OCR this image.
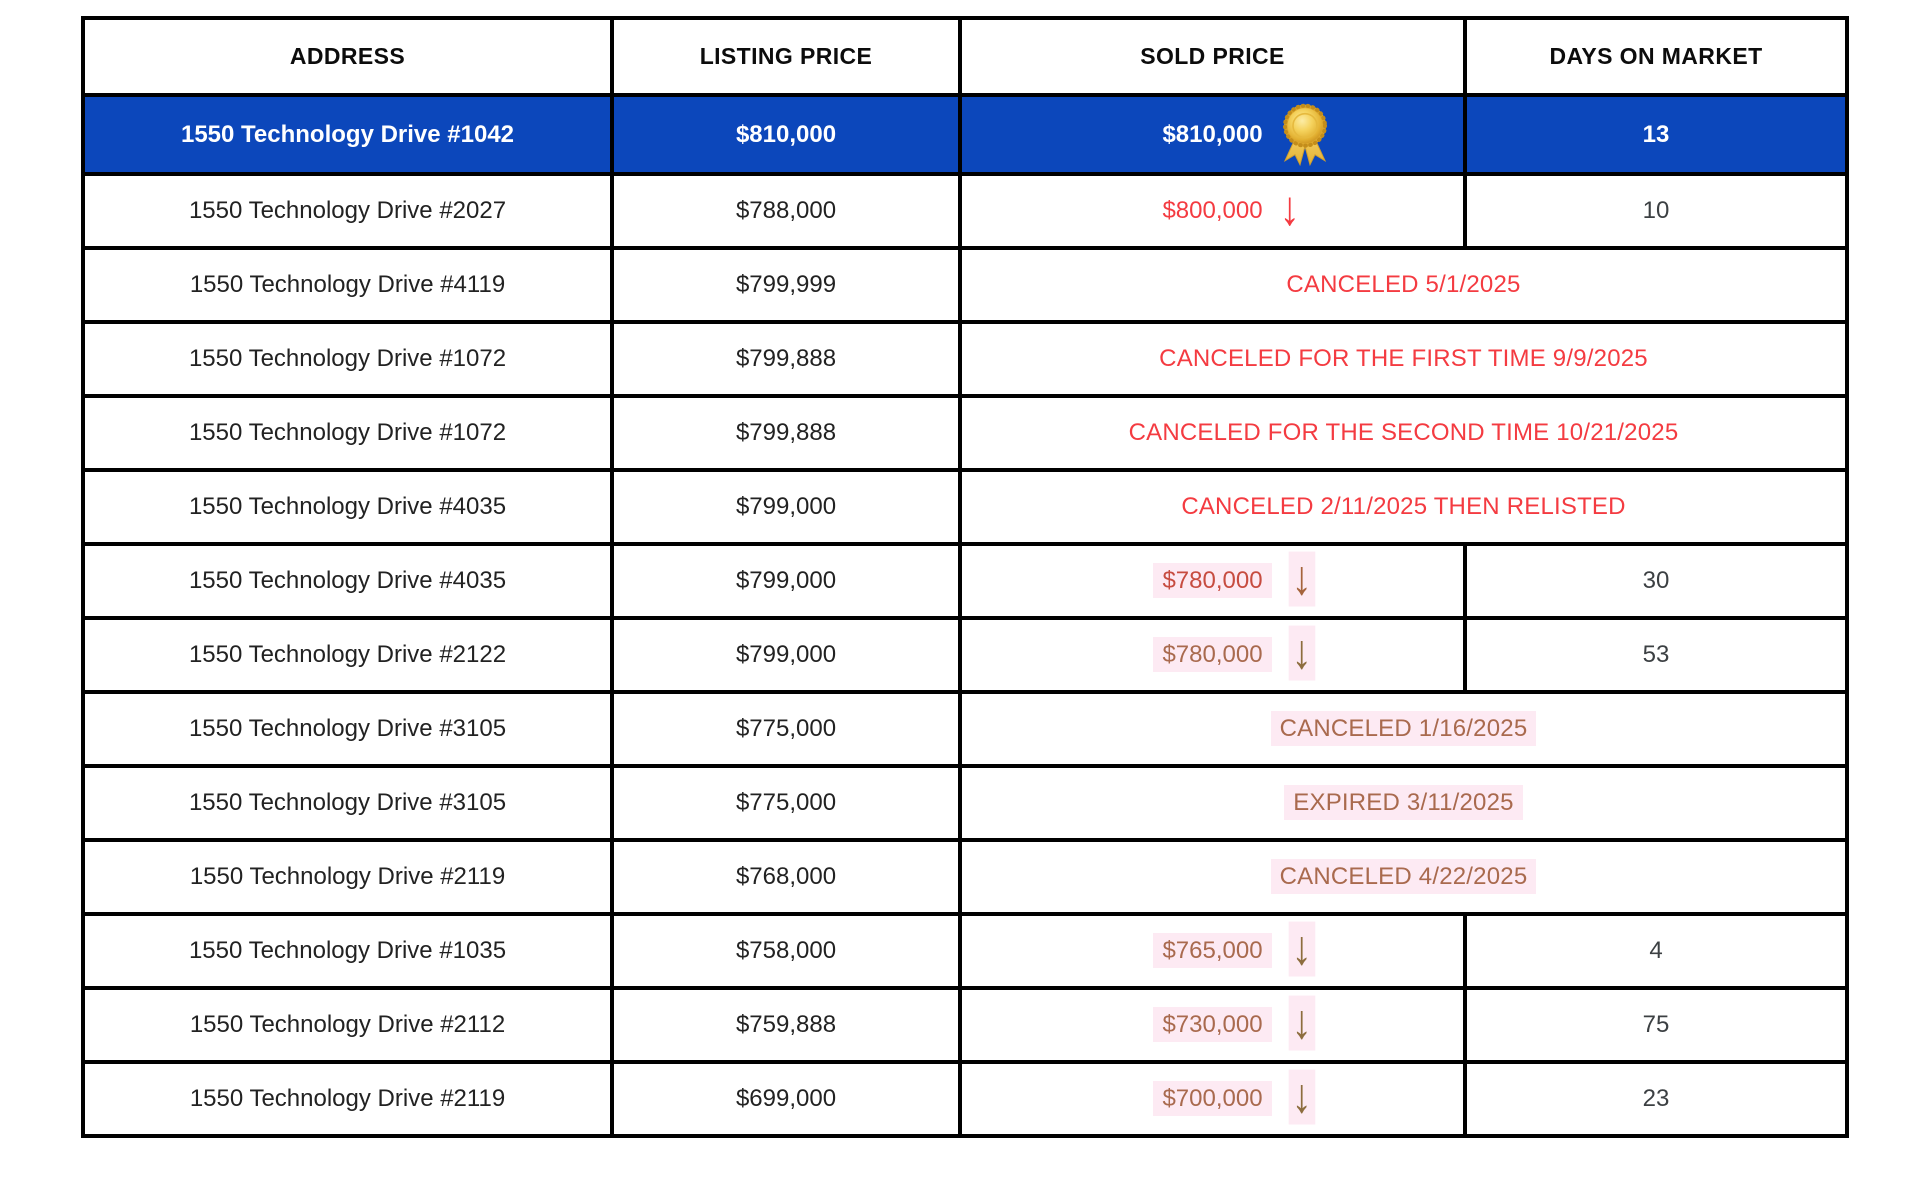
ADDRESS	LISTING PRICE	SOLD PRICE	DAYS ON MARKET
1550 Technology Drive #1042	$810,000	$810,000	13
1550 Technology Drive #2027	$788,000	$800,000 ↓	10
1550 Technology Drive #4119	$799,999	CANCELED 5/1/2025	
1550 Technology Drive #1072	$799,888	CANCELED FOR THE FIRST TIME 9/9/2025	
1550 Technology Drive #1072	$799,888	CANCELED FOR THE SECOND TIME 10/21/2025	
1550 Technology Drive #4035	$799,000	CANCELED 2/11/2025 THEN RELISTED	
1550 Technology Drive #4035	$799,000	$780,000 ↓	30
1550 Technology Drive #2122	$799,000	$780,000 ↓	53
1550 Technology Drive #3105	$775,000	CANCELED 1/16/2025	
1550 Technology Drive #3105	$775,000	EXPIRED 3/11/2025	
1550 Technology Drive #2119	$768,000	CANCELED 4/22/2025	
1550 Technology Drive #1035	$758,000	$765,000 ↓	4
1550 Technology Drive #2112	$759,888	$730,000 ↓	75
1550 Technology Drive #2119	$699,000	$700,000 ↓	23
